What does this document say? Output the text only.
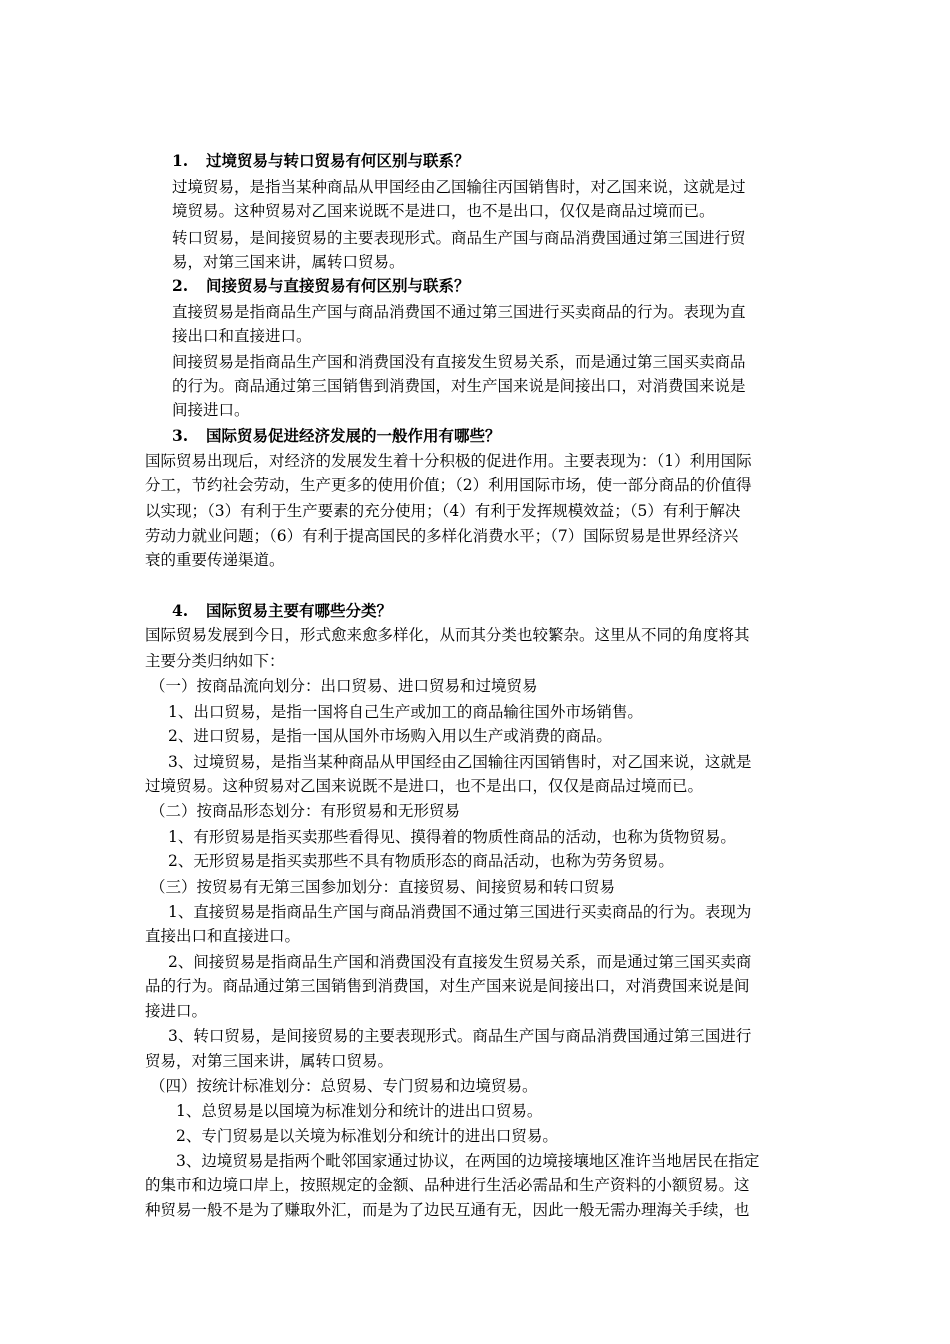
1. 过境贸易与转口贸易有何区别与联系？
过境贸易，是指当某种商品从甲国经由乙国输往丙国销售时，对乙国来说，这就是过
境贸易。这种贸易对乙国来说既不是进口，也不是出口，仅仅是商品过境而已。
转口贸易，是间接贸易的主要表现形式。商品生产国与商品消费国通过第三国进行贸
易，对第三国来讲，属转口贸易。
2. 间接贸易与直接贸易有何区别与联系？
直接贸易是指商品生产国与商品消费国不通过第三国进行买卖商品的行为。表现为直
接出口和直接进口。
间接贸易是指商品生产国和消费国没有直接发生贸易关系，而是通过第三国买卖商品
的行为。商品通过第三国销售到消费国，对生产国来说是间接出口，对消费国来说是
间接进口。
3. 国际贸易促进经济发展的一般作用有哪些？
国际贸易出现后，对经济的发展发生着十分积极的促进作用。主要表现为：（1）利用国际
分工，节约社会劳动，生产更多的使用价值；（2）利用国际市场，使一部分商品的价值得
以实现；（3）有利于生产要素的充分使用；（4）有利于发挥规模效益；（5）有利于解决
劳动力就业问题；（6）有利于提高国民的多样化消费水平；（7）国际贸易是世界经济兴
衰的重要传递渠道。
4. 国际贸易主要有哪些分类？
国际贸易发展到今日，形式愈来愈多样化，从而其分类也较繁杂。这里从不同的角度将其
主要分类归纳如下：
（一）按商品流向划分：出口贸易、进口贸易和过境贸易
1、出口贸易，是指一国将自己生产或加工的商品输往国外市场销售。
2、进口贸易，是指一国从国外市场购入用以生产或消费的商品。
3、过境贸易，是指当某种商品从甲国经由乙国输往丙国销售时，对乙国来说，这就是
过境贸易。这种贸易对乙国来说既不是进口，也不是出口，仅仅是商品过境而已。
（二）按商品形态划分：有形贸易和无形贸易
1、有形贸易是指买卖那些看得见、摸得着的物质性商品的活动，也称为货物贸易。
2、无形贸易是指买卖那些不具有物质形态的商品活动，也称为劳务贸易。
（三）按贸易有无第三国参加划分：直接贸易、间接贸易和转口贸易
1、直接贸易是指商品生产国与商品消费国不通过第三国进行买卖商品的行为。表现为
直接出口和直接进口。
2、间接贸易是指商品生产国和消费国没有直接发生贸易关系，而是通过第三国买卖商
品的行为。商品通过第三国销售到消费国，对生产国来说是间接出口，对消费国来说是间
接进口。
3、转口贸易，是间接贸易的主要表现形式。商品生产国与商品消费国通过第三国进行
贸易，对第三国来讲，属转口贸易。
（四）按统计标准划分：总贸易、专门贸易和边境贸易。
1、总贸易是以国境为标准划分和统计的进出口贸易。
2、专门贸易是以关境为标准划分和统计的进出口贸易。
3、边境贸易是指两个毗邻国家通过协议，在两国的边境接壤地区准许当地居民在指定
的集市和边境口岸上，按照规定的金额、品种进行生活必需品和生产资料的小额贸易。这
种贸易一般不是为了赚取外汇，而是为了边民互通有无，因此一般无需办理海关手续，也
